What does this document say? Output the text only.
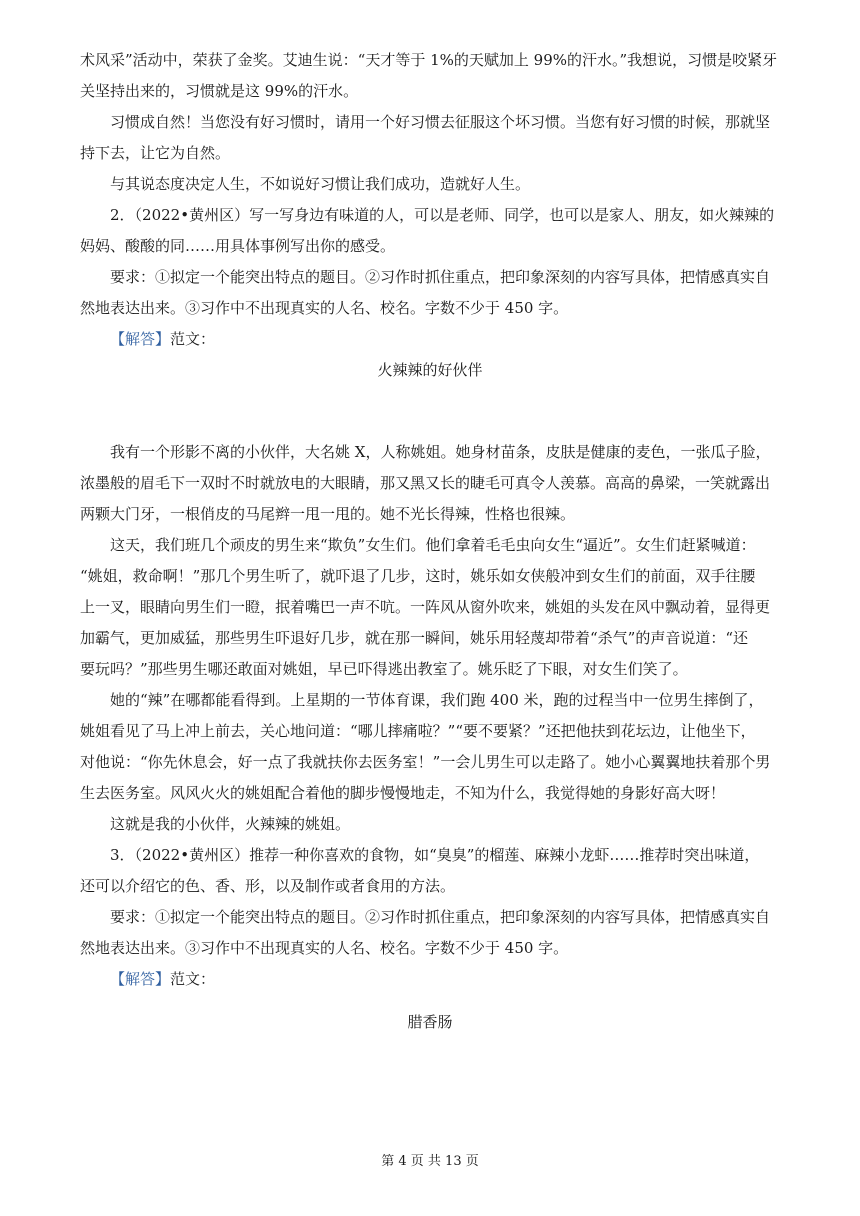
术风采”活动中，荣获了金奖。艾迪生说：“天才等于 1%的天赋加上 99%的汗水。”我想说，习惯是咬紧牙
关坚持出来的，习惯就是这 99%的汗水。
习惯成自然！当您没有好习惯时，请用一个好习惯去征服这个坏习惯。当您有好习惯的时候，那就坚
持下去，让它为自然。
与其说态度决定人生，不如说好习惯让我们成功，造就好人生。
2．（2022•黄州区）写一写身边有味道的人，可以是老师、同学，也可以是家人、朋友，如火辣辣的
妈妈、酸酸的同……用具体事例写出你的感受。
要求：①拟定一个能突出特点的题目。②习作时抓住重点，把印象深刻的内容写具体，把情感真实自
然地表达出来。③习作中不出现真实的人名、校名。字数不少于 450 字。
【解答】范文：
火辣辣的好伙伴
我有一个形影不离的小伙伴，大名姚 X，人称姚姐。她身材苗条，皮肤是健康的麦色，一张瓜子脸，
浓墨般的眉毛下一双时不时就放电的大眼睛，那又黑又长的睫毛可真令人羡慕。高高的鼻梁，一笑就露出
两颗大门牙，一根俏皮的马尾辫一甩一甩的。她不光长得辣，性格也很辣。
这天，我们班几个顽皮的男生来“欺负”女生们。他们拿着毛毛虫向女生“逼近”。女生们赶紧喊道：
“姚姐，救命啊！”那几个男生听了，就吓退了几步，这时，姚乐如女侠般冲到女生们的前面，双手往腰
上一叉，眼睛向男生们一瞪，抿着嘴巴一声不吭。一阵风从窗外吹来，姚姐的头发在风中飘动着，显得更
加霸气，更加威猛，那些男生吓退好几步，就在那一瞬间，姚乐用轻蔑却带着“杀气”的声音说道：“还
要玩吗？”那些男生哪还敢面对姚姐，早已吓得逃出教室了。姚乐眨了下眼，对女生们笑了。
她的“辣”在哪都能看得到。上星期的一节体育课，我们跑 400 米，跑的过程当中一位男生摔倒了，
姚姐看见了马上冲上前去，关心地问道：“哪儿摔痛啦？”“要不要紧？”还把他扶到花坛边，让他坐下，
对他说：“你先休息会，好一点了我就扶你去医务室！”一会儿男生可以走路了。她小心翼翼地扶着那个男
生去医务室。风风火火的姚姐配合着他的脚步慢慢地走，不知为什么，我觉得她的身影好高大呀！
这就是我的小伙伴，火辣辣的姚姐。
3．（2022•黄州区）推荐一种你喜欢的食物，如“臭臭”的榴莲、麻辣小龙虾……推荐时突出味道，
还可以介绍它的色、香、形，以及制作或者食用的方法。
要求：①拟定一个能突出特点的题目。②习作时抓住重点，把印象深刻的内容写具体，把情感真实自
然地表达出来。③习作中不出现真实的人名、校名。字数不少于 450 字。
【解答】范文：
腊香肠
第 4 页 共 13 页
